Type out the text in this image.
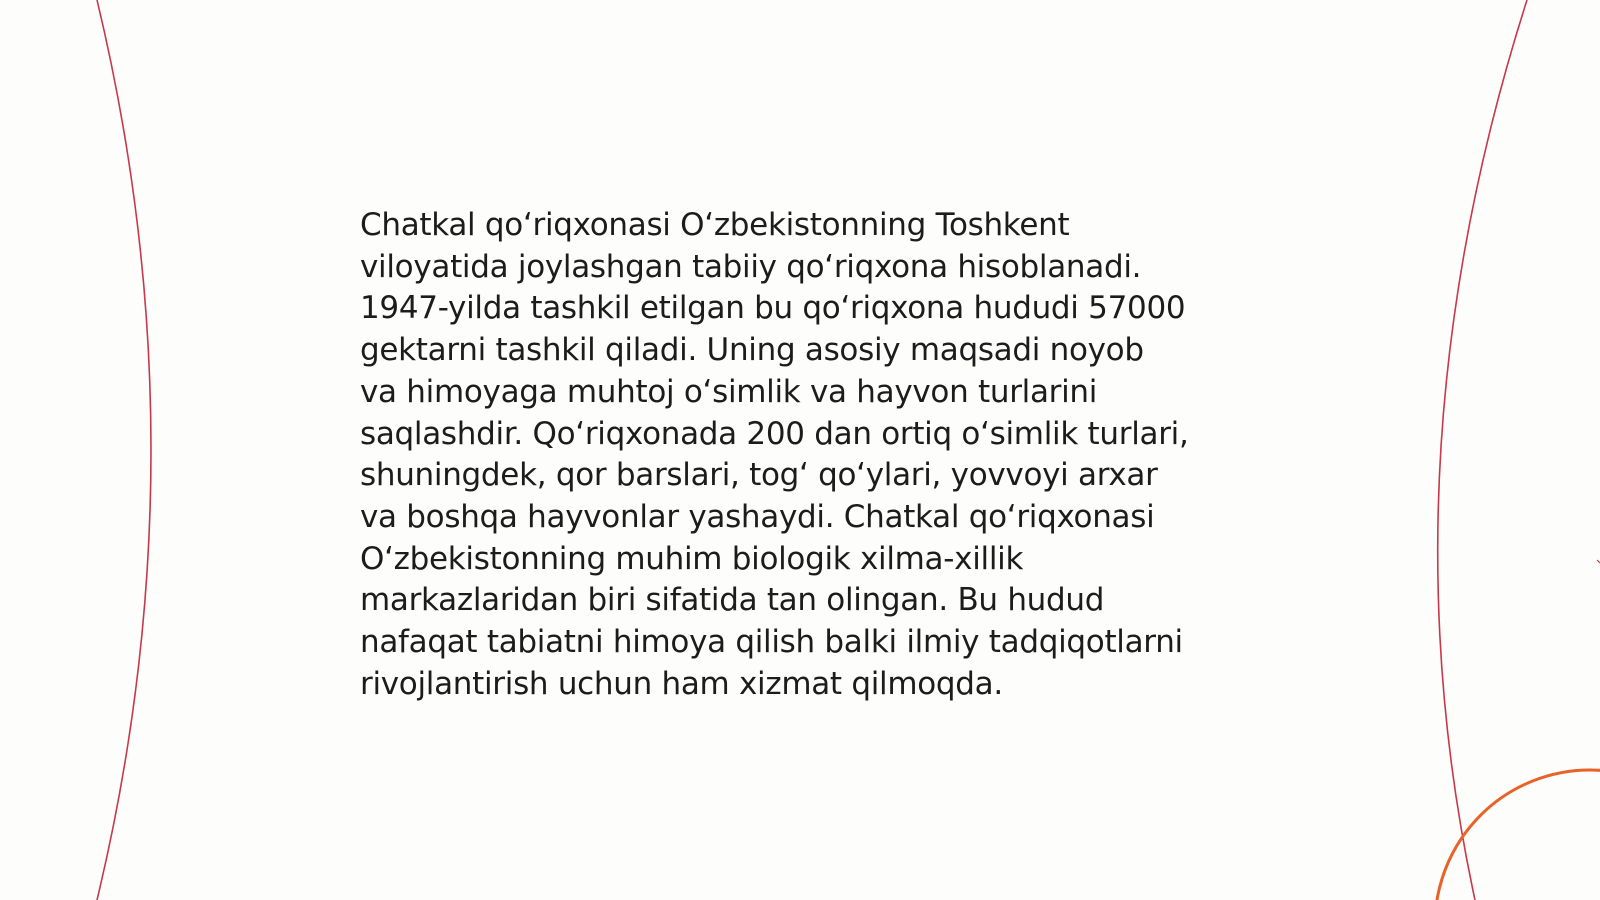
Chatkal qoʻriqxonasi Oʻzbekistonning Toshkent
viloyatida joylashgan tabiiy qoʻriqxona hisoblanadi.
1947-yilda tashkil etilgan bu qoʻriqxona hududi 57000
gektarni tashkil qiladi. Uning asosiy maqsadi noyob
va himoyaga muhtoj oʻsimlik va hayvon turlarini
saqlashdir. Qoʻriqxonada 200 dan ortiq oʻsimlik turlari,
shuningdek, qor barslari, togʻ qoʻylari, yovvoyi arxar
va boshqa hayvonlar yashaydi. Chatkal qoʻriqxonasi
Oʻzbekistonning muhim biologik xilma-xillik
markazlaridan biri sifatida tan olingan. Bu hudud
nafaqat tabiatni himoya qilish balki ilmiy tadqiqotlarni
rivojlantirish uchun ham xizmat qilmoqda.
